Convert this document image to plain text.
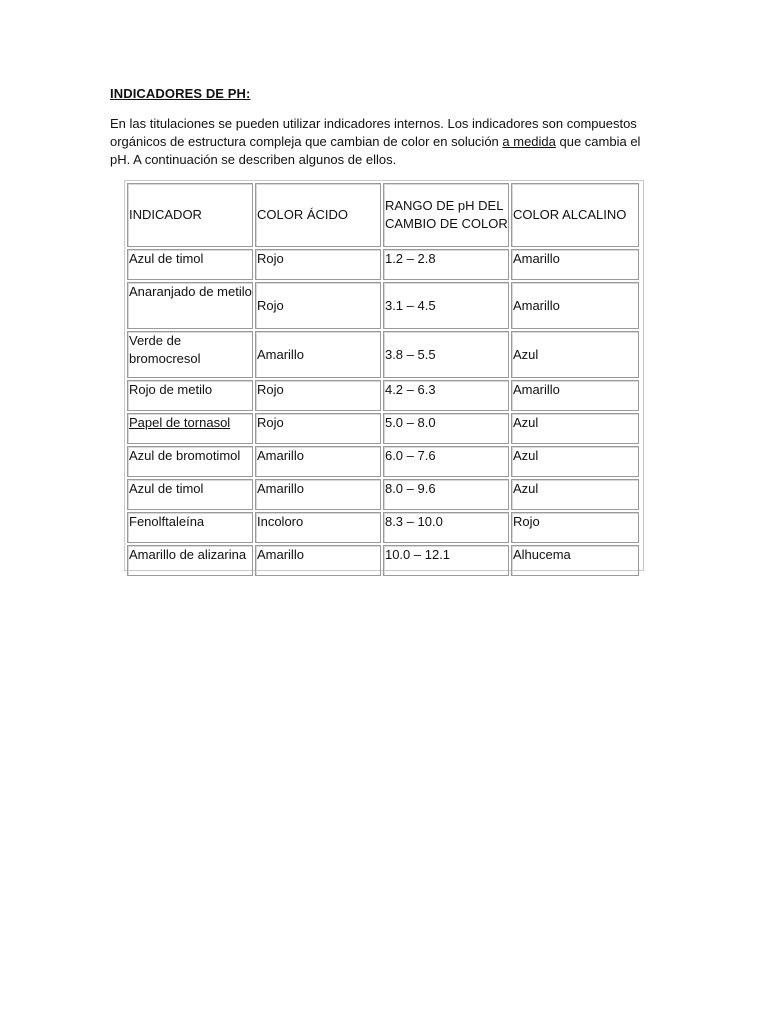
INDICADORES DE PH:
En las titulaciones se pueden utilizar indicadores internos. Los indicadores son compuestos orgánicos de estructura compleja que cambian de color en solución a medida que cambia el pH. A continuación se describen algunos de ellos.
INDICADOR	COLOR ÁCIDO	RANGO DE pH DEL   CAMBIO DE COLOR	COLOR ALCALINO
Azul de timol	Rojo	1.2 – 2.8	Amarillo
Anaranjado de metilo	Rojo	3.1 – 4.5	Amarillo
Verde de bromocresol	Amarillo	3.8 – 5.5	Azul
Rojo de metilo	Rojo	4.2 – 6.3	Amarillo
Papel de tornasol	Rojo	5.0 – 8.0	Azul
Azul de bromotimol	Amarillo	6.0 – 7.6	Azul
Azul de timol	Amarillo	8.0 – 9.6	Azul
Fenolftaleína	Incoloro	8.3 – 10.0	Rojo
Amarillo de alizarina	Amarillo	10.0 – 12.1	Alhucema
